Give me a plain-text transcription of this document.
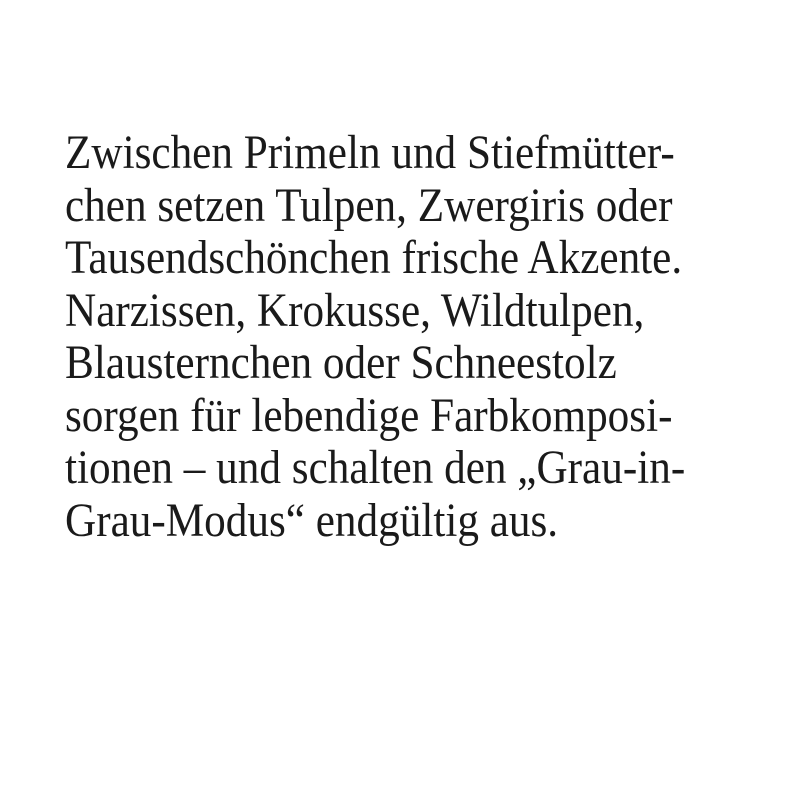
Zwischen Primeln und Stiefmütter-
chen setzen Tulpen, Zwergiris oder
Tausendschönchen frische Akzente.
Narzissen, Krokusse, Wildtulpen,
Blausternchen oder Schneestolz
sorgen für lebendige Farbkomposi-
tionen – und schalten den „Grau-in-
Grau-Modus“ endgültig aus.
